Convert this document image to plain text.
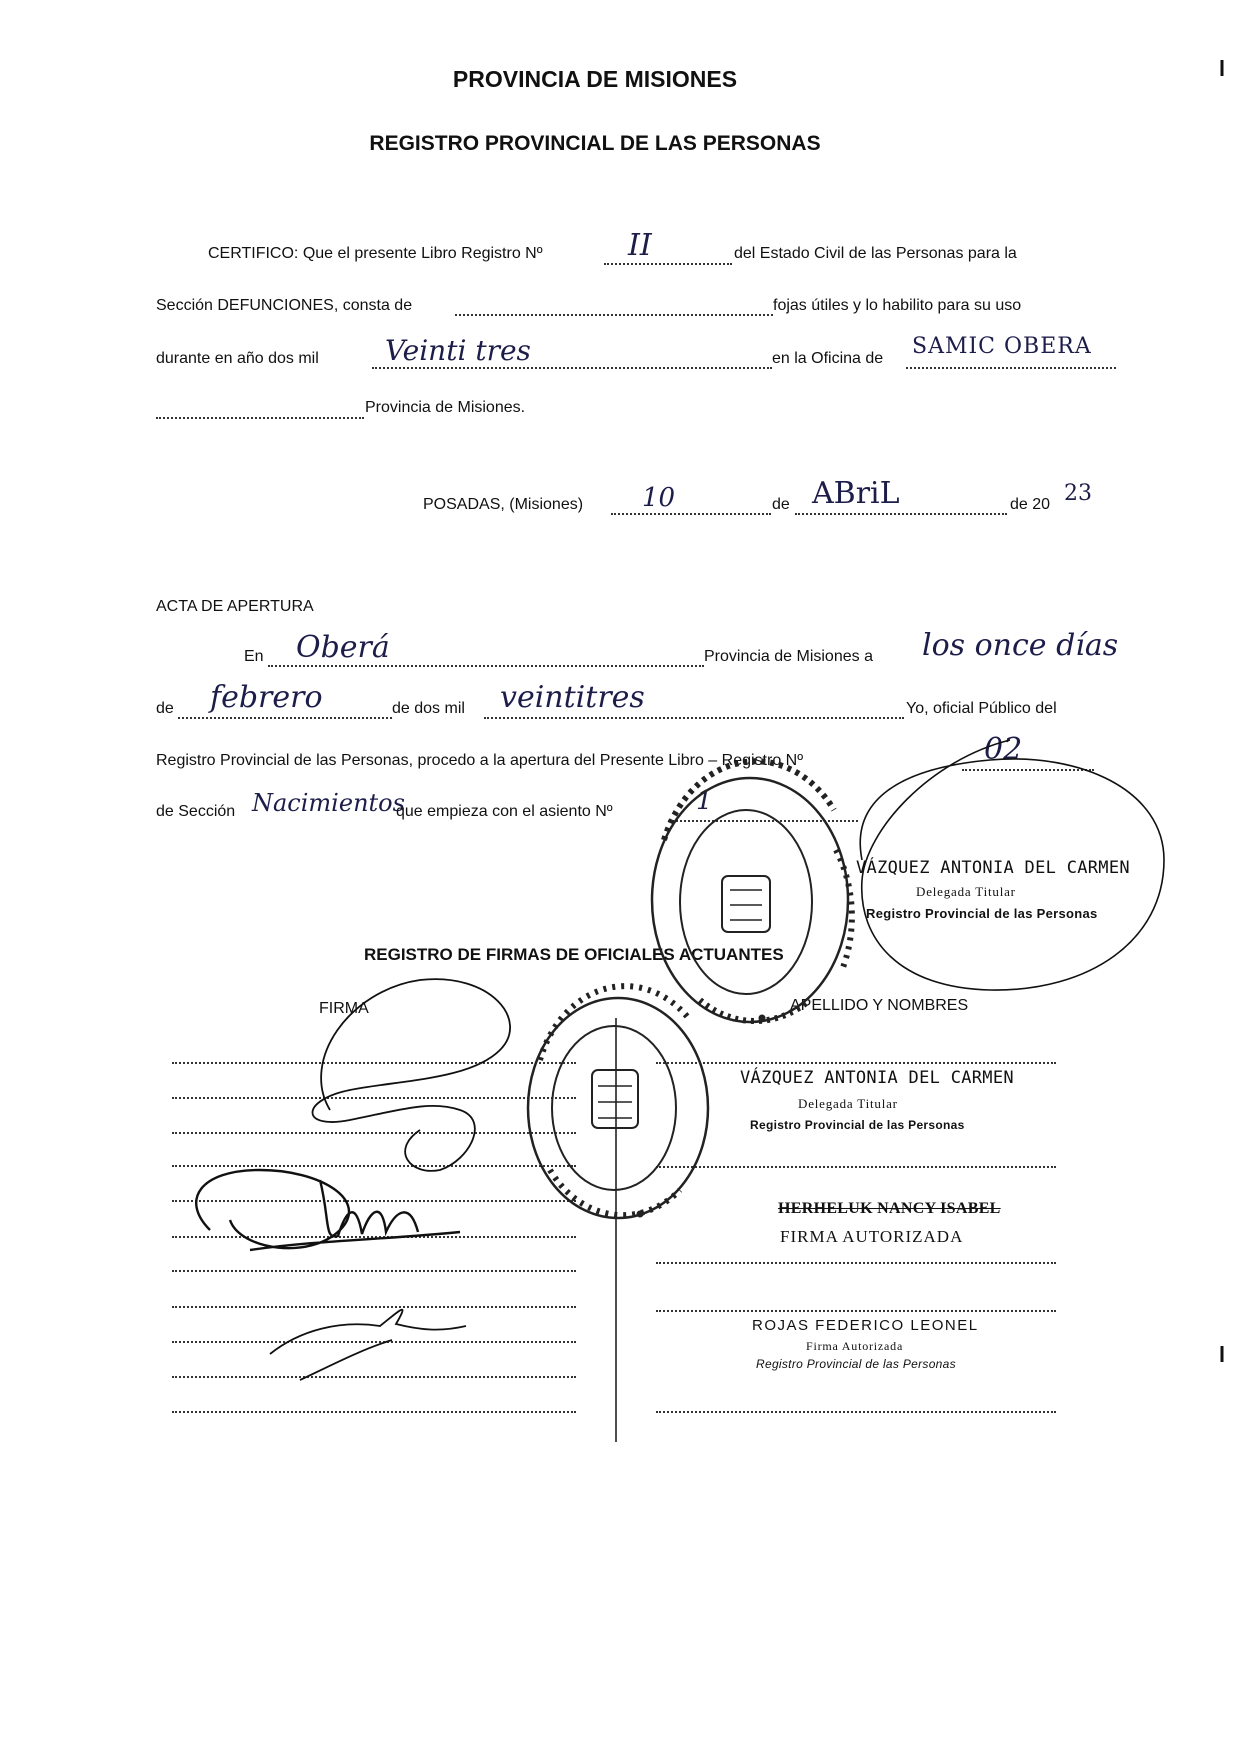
PROVINCIA DE MISIONES
REGISTRO PROVINCIAL DE LAS PERSONAS
CERTIFICO: Que el presente Libro Registro Nº	II	del Estado Civil de las Personas para la
Sección DEFUNCIONES, consta de	fojas útiles y lo habilito para su uso
durante en año dos mil Veinti tres	en la Oficina de SAMIC OBERA
Provincia de Misiones.
POSADAS, (Misiones) 10	de ABriL	de 20 23
ACTA DE APERTURA
En Oberá	Provincia de Misiones a los once días
de febrero	de dos mil veintitres	Yo, oficial Público del
Registro Provincial de las Personas, procedo a la apertura del Presente Libro – Registro Nº	02
de Sección Nacimientos
que empieza con el asiento Nº	1
VÁZQUEZ ANTONIA DEL CARMEN
Delegada Titular
Registro Provincial de las Personas
REGISTRO DE FIRMAS DE OFICIALES ACTUANTES
FIRMA	APELLIDO Y NOMBRES
VÁZQUEZ ANTONIA DEL CARMEN
Delegada Titular
Registro Provincial de las Personas
HERHELUK NANCY ISABEL
FIRMA AUTORIZADA
ROJAS FEDERICO LEONEL
Firma Autorizada
Registro Provincial de las Personas
